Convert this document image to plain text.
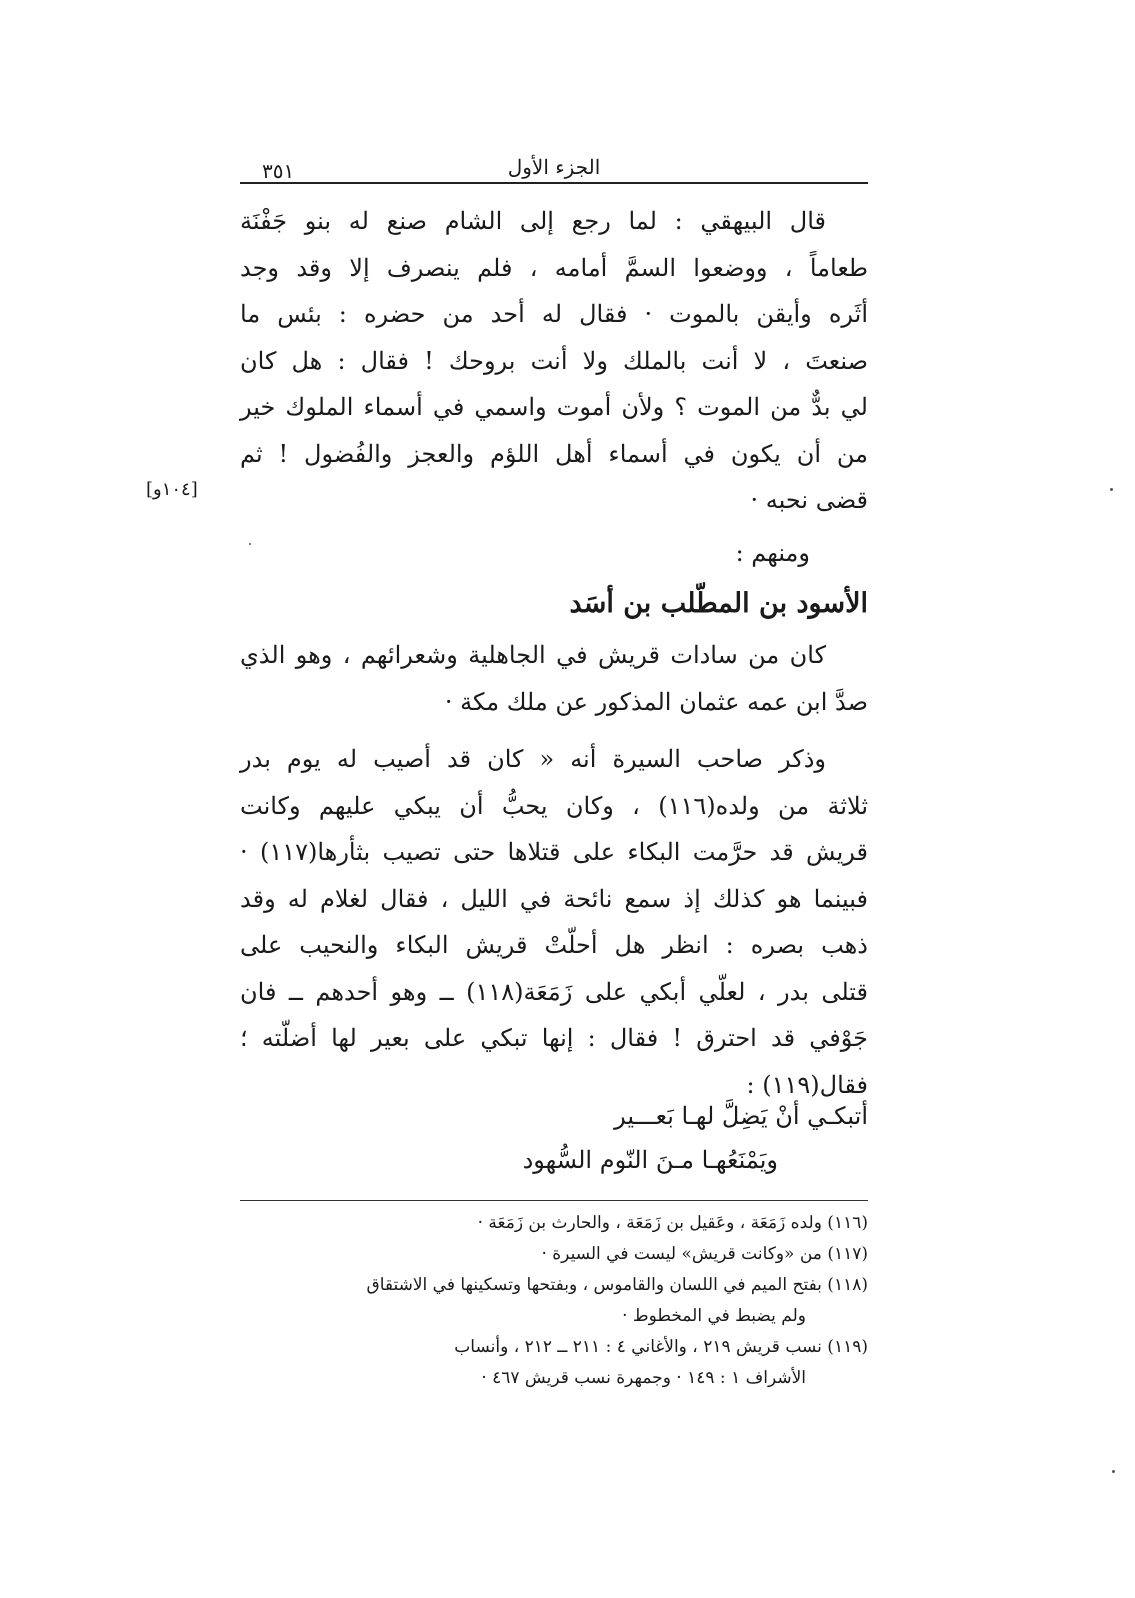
٣٥١	الجزء الأول
قال البيهقي : لما رجع إلى الشام صنع له بنو جَفْنَة
طعاماً ، ووضعوا السمَّ أمامه ، فلم ينصرف إلا وقد وجد
أثَره وأيقن بالموت · فقال له أحد من حضره : بئس ما
صنعتَ ، لا أنت بالملك ولا أنت بروحك ! فقال : هل كان
لي بدٌّ من الموت ؟ ولأن أموت واسمي في أسماء الملوك خير
من أن يكون في أسماء أهل اللؤم والعجز والفُضول ! ثم
قضى نحبه ·
[١٠٤و]
ومنهم :
الأسود بن المطّلب بن أسَد
كان من سادات قريش في الجاهلية وشعرائهم ، وهو الذي
صدَّ ابن عمه عثمان المذكور عن ملك مكة ·
وذكر صاحب السيرة أنه « كان قد أصيب له يوم بدر
ثلاثة من ولده(١١٦) ، وكان يحبُّ أن يبكي عليهم وكانت
قريش قد حرَّمت البكاء على قتلاها حتى تصيب بثأرها(١١٧) ·
فبينما هو كذلك إذ سمع نائحة في الليل ، فقال لغلام له وقد
ذهب بصره : انظر هل أحلّتْ قريش البكاء والنحيب على
قتلى بدر ، لعلّي أبكي على زَمَعَة(١١٨) ــ وهو أحدهم ــ فان
جَوْفي قد احترق ! فقال : إنها تبكي على بعير لها أضلّته ؛
فقال(١١٩) :
أتبكـي أنْ يَضِلَّ لهـا بَعـــير
ويَمْنَعُهـا مـنَ النّوم السُّهود
(١١٦) ولده زَمَعَة ، وعَقيل بن زَمَعَة ، والحارث بن زَمَعَة ·
(١١٧) من «وكانت قريش» ليست في السيرة ·
(١١٨) بفتح الميم في اللسان والقاموس ، وبفتحها وتسكينها في الاشتقاق
ولم يضبط في المخطوط ·
(١١٩) نسب قريش ٢١٩ ، والأغاني ٤ : ٢١١ ــ ٢١٢ ، وأنساب
الأشراف ١ : ١٤٩ · وجمهرة نسب قريش ٤٦٧ ·
